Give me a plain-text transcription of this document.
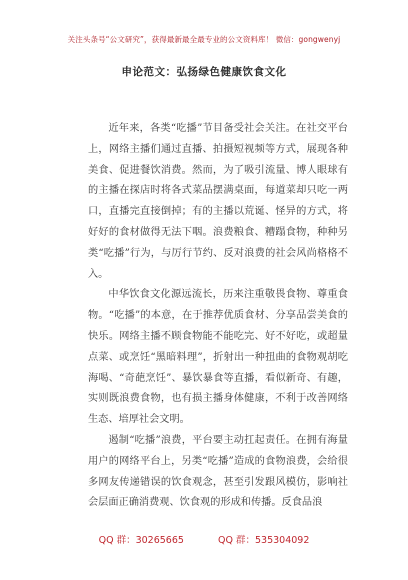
关注头条号“公文研究”，获得最新最全最专业的公文资料库！ 微信：gongwenyj
申论范文：弘扬绿色健康饮食文化

近年来，各类“吃播”节目备受社会关注。在社交平台上，网络主播们通过直播、拍摄短视频等方式，展现各种美食、促进餐饮消费。然而，为了吸引流量、博人眼球有的主播在探店时将各式菜品摆满桌面，每道菜却只吃一两口，直播完直接倒掉；有的主播以荒诞、怪异的方式，将好好的食材做得无法下咽。浪费粮食、糟蹋食物，种种另类“吃播”行为，与厉行节约、反对浪费的社会风尚格格不入。

中华饮食文化源远流长，历来注重敬畏食物、尊重食物。“吃播”的本意，在于推荐优质食材、分享品尝美食的快乐。网络主播不顾食物能不能吃完、好不好吃，或超量点菜、或烹饪“黑暗料理”，折射出一种扭曲的食物观胡吃海喝、“奇葩烹饪”、暴饮暴食等直播，看似新奇、有趣，实则既浪费食物，也有损主播身体健康，不利于改善网络生态、培厚社会文明。

遏制“吃播”浪费，平台要主动扛起责任。在拥有海量用户的网络平台上，另类“吃播”造成的食物浪费，会给很多网友传递错误的饮食观念，甚至引发跟风模仿，影响社会层面正确消费观、饮食观的形成和传播。反食品浪

QQ 群：30265665	QQ 群：535304092
